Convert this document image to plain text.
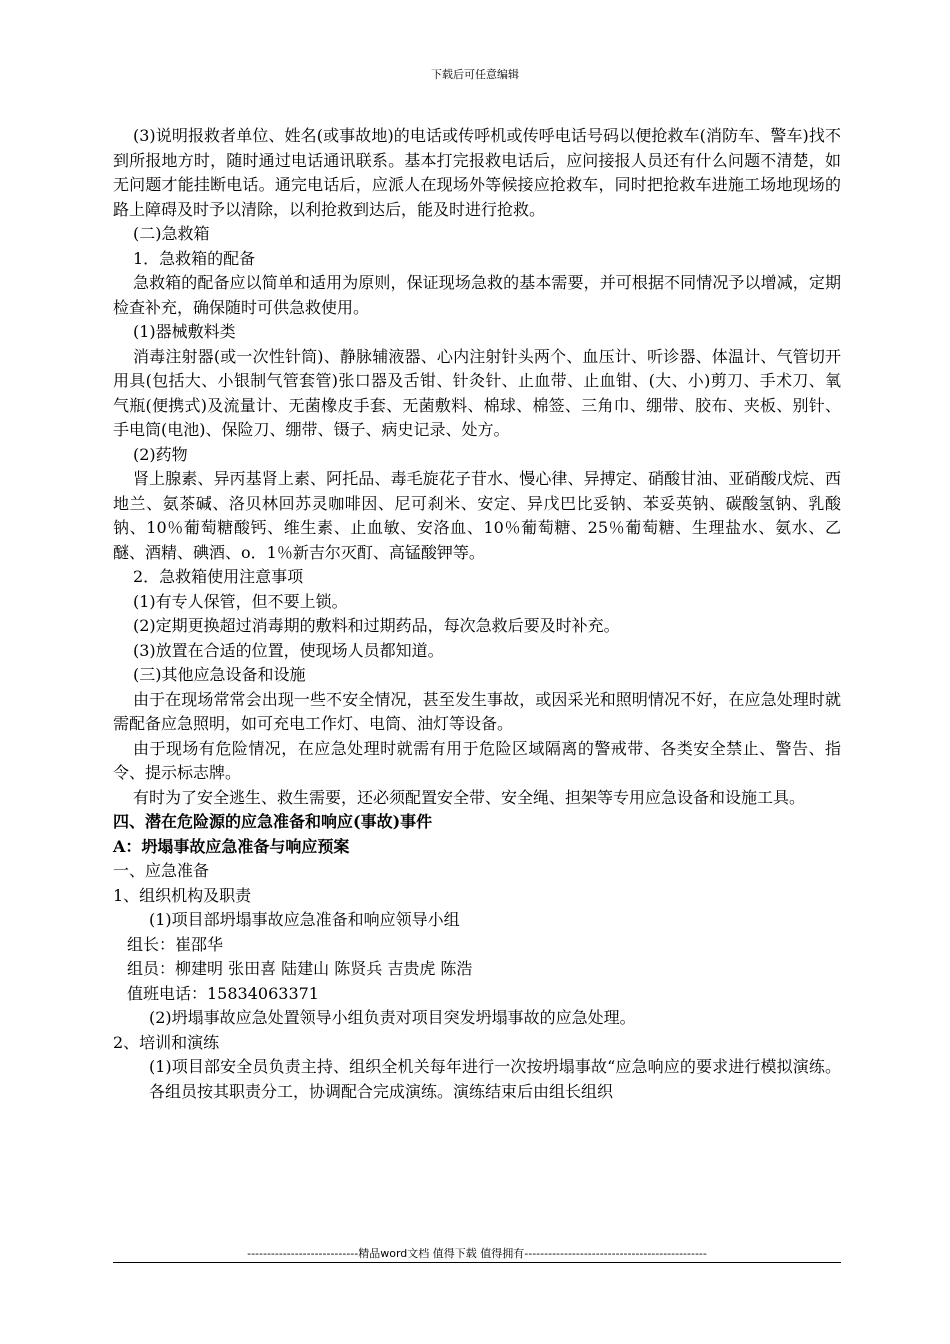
下载后可任意编辑

(3)说明报救者单位、姓名(或事故地)的电话或传呼机或传呼电话号码以便抢救车(消防车、警车)找不到所报地方时，随时通过电话通讯联系。基本打完报救电话后，应问接报人员还有什么问题不清楚，如无问题才能挂断电话。通完电话后，应派人在现场外等候接应抢救车，同时把抢救车进施工场地现场的路上障碍及时予以清除，以利抢救到达后，能及时进行抢救。

(二)急救箱

1．急救箱的配备

急救箱的配备应以简单和适用为原则，保证现场急救的基本需要，并可根据不同情况予以增减，定期检查补充，确保随时可供急救使用。

(1)器械敷料类

消毒注射器(或一次性针筒)、静脉辅液器、心内注射针头两个、血压计、听诊器、体温计、气管切开用具(包括大、小银制气管套管)张口器及舌钳、针灸针、止血带、止血钳、(大、小)剪刀、手术刀、氧气瓶(便携式)及流量计、无菌橡皮手套、无菌敷料、棉球、棉签、三角巾、绷带、胶布、夹板、别针、手电筒(电池)、保险刀、绷带、镊子、病史记录、处方。

(2)药物

肾上腺素、异丙基肾上素、阿托品、毒毛旋花子苷水、慢心律、异搏定、硝酸甘油、亚硝酸戊烷、西地兰、氨茶碱、洛贝林回苏灵咖啡因、尼可刹米、安定、异戊巴比妥钠、苯妥英钠、碳酸氢钠、乳酸钠、10％葡萄糖酸钙、维生素、止血敏、安洛血、10％葡萄糖、25％葡萄糖、生理盐水、氨水、乙醚、酒精、碘酒、o．1％新吉尔灭酊、高锰酸钾等。

2．急救箱使用注意事项

(1)有专人保管，但不要上锁。

(2)定期更换超过消毒期的敷料和过期药品，每次急救后要及时补充。

(3)放置在合适的位置，使现场人员都知道。

(三)其他应急设备和设施

由于在现场常常会出现一些不安全情况，甚至发生事故，或因采光和照明情况不好，在应急处理时就需配备应急照明，如可充电工作灯、电筒、油灯等设备。

由于现场有危险情况，在应急处理时就需有用于危险区域隔离的警戒带、各类安全禁止、警告、指令、提示标志牌。

有时为了安全逃生、救生需要，还必须配置安全带、安全绳、担架等专用应急设备和设施工具。

四、潜在危险源的应急准备和响应(事故)事件

A：坍塌事故应急准备与响应预案

一、应急准备

1、组织机构及职责

(1)项目部坍塌事故应急准备和响应领导小组

组长：崔邵华

组员：柳建明 张田喜 陆建山 陈贤兵 吉贵虎 陈浩

值班电话：15834063371

(2)坍塌事故应急处置领导小组负责对项目突发坍塌事故的应急处理。

2、培训和演练

(1)项目部安全员负责主持、组织全机关每年进行一次按坍塌事故“应急响应的要求进行模拟演练。各组员按其职责分工，协调配合完成演练。演练结束后由组长组织

----------------------------精品word文档 值得下载 值得拥有----------------------------------------------
